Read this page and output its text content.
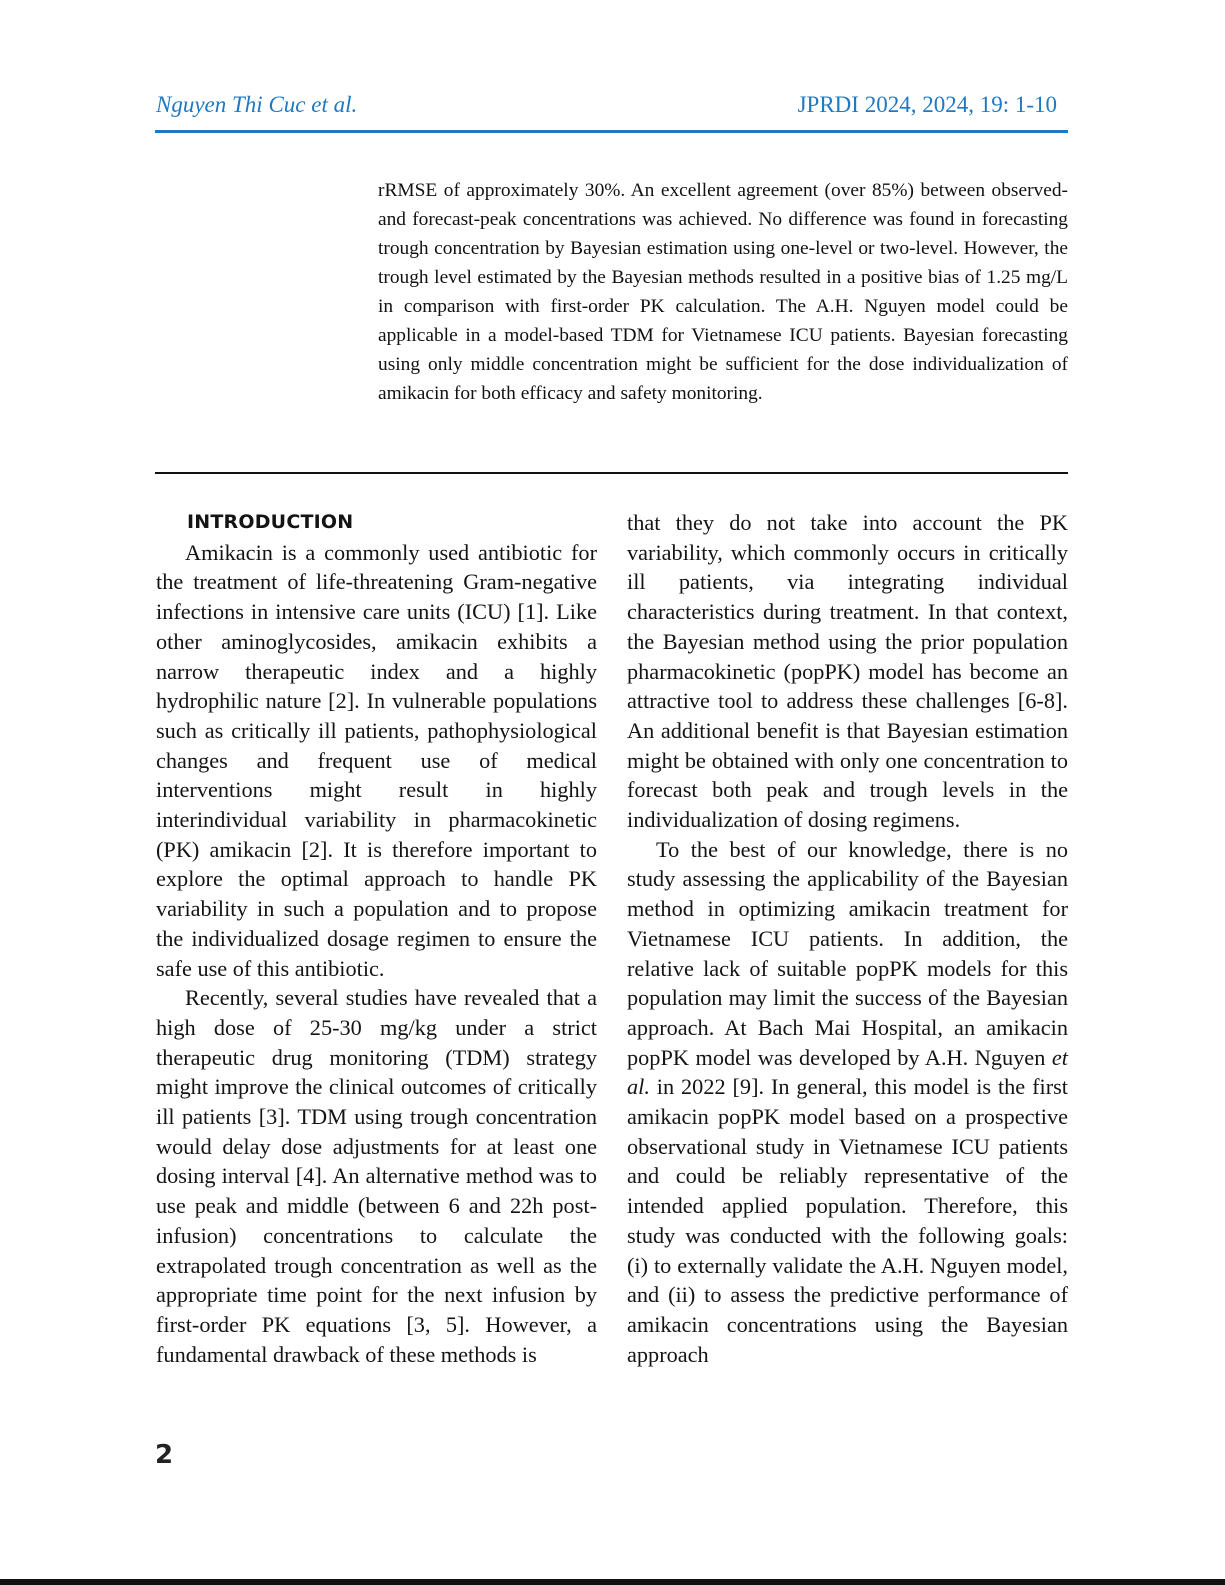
Nguyen Thi Cuc et al.	JPRDI 2024, 2024, 19: 1-10
rRMSE of approximately 30%. An excellent agreement (over 85%) between observed- and forecast-peak concentrations was achieved. No difference was found in forecasting trough concentration by Bayesian estimation using one-level or two-level. However, the trough level estimated by the Bayesian methods resulted in a positive bias of 1.25 mg/L in comparison with first-order PK calculation. The A.H. Nguyen model could be applicable in a model-based TDM for Vietnamese ICU patients. Bayesian forecasting using only middle concentration might be sufficient for the dose individualization of amikacin for both efficacy and safety monitoring.
INTRODUCTION

Amikacin is a commonly used antibiotic for the treatment of life-threatening Gram-negative infections in intensive care units (ICU) [1]. Like other aminoglycosides, amikacin exhibits a narrow therapeutic index and a highly hydrophilic nature [2]. In vulnerable populations such as critically ill patients, pathophysiological changes and frequent use of medical interventions might result in highly interindividual variability in pharmacokinetic (PK) amikacin [2]. It is therefore important to explore the optimal approach to handle PK variability in such a population and to propose the individualized dosage regimen to ensure the safe use of this antibiotic.

Recently, several studies have revealed that a high dose of 25-30 mg/kg under a strict therapeutic drug monitoring (TDM) strategy might improve the clinical outcomes of critically ill patients [3]. TDM using trough concentration would delay dose adjustments for at least one dosing interval [4]. An alternative method was to use peak and middle (between 6 and 22h post-infusion) concentrations to calculate the extrapolated trough concentration as well as the appropriate time point for the next infusion by first-order PK equations [3, 5]. However, a fundamental drawback of these methods is

that they do not take into account the PK variability, which commonly occurs in critically ill patients, via integrating individual characteristics during treatment. In that context, the Bayesian method using the prior population pharmacokinetic (popPK) model has become an attractive tool to address these challenges [6-8]. An additional benefit is that Bayesian estimation might be obtained with only one concentration to forecast both peak and trough levels in the individualization of dosing regimens.

To the best of our knowledge, there is no study assessing the applicability of the Bayesian method in optimizing amikacin treatment for Vietnamese ICU patients. In addition, the relative lack of suitable popPK models for this population may limit the success of the Bayesian approach. At Bach Mai Hospital, an amikacin popPK model was developed by A.H. Nguyen et al. in 2022 [9]. In general, this model is the first amikacin popPK model based on a prospective observational study in Vietnamese ICU patients and could be reliably representative of the intended applied population. Therefore, this study was conducted with the following goals: (i) to externally validate the A.H. Nguyen model, and (ii) to assess the predictive performance of amikacin concentrations using the Bayesian approach

2
